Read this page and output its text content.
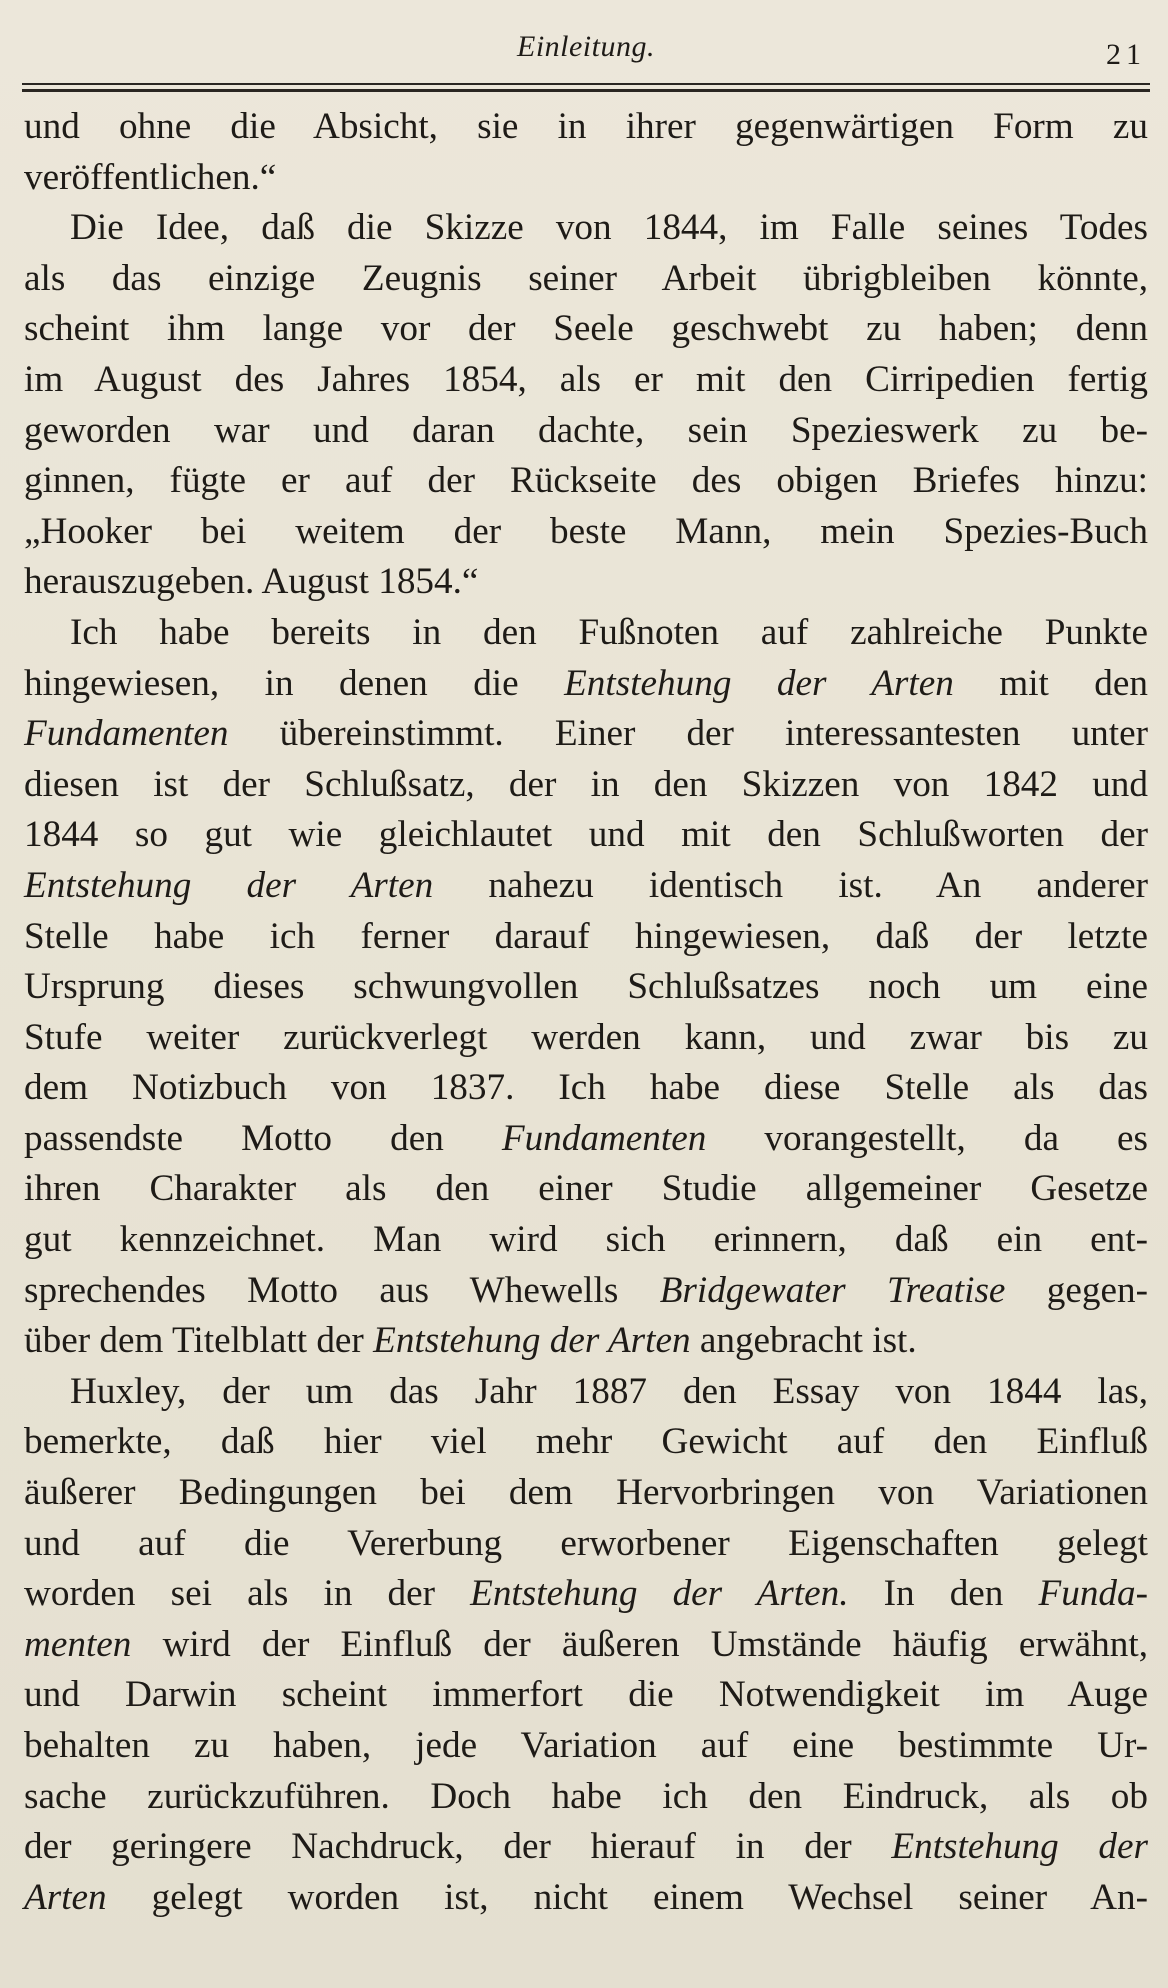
Einleitung.	21
und ohne die Absicht, sie in ihrer gegenwärtigen Form zu
veröffentlichen.“
Die Idee, daß die Skizze von 1844, im Falle seines Todes
als das einzige Zeugnis seiner Arbeit übrigbleiben könnte,
scheint ihm lange vor der Seele geschwebt zu haben; denn
im August des Jahres 1854, als er mit den Cirripedien fertig
geworden war und daran dachte, sein Spezieswerk zu be-
ginnen, fügte er auf der Rückseite des obigen Briefes hinzu:
„Hooker bei weitem der beste Mann, mein Spezies-Buch
herauszugeben. August 1854.“
Ich habe bereits in den Fußnoten auf zahlreiche Punkte
hingewiesen, in denen die Entstehung der Arten mit den
Fundamenten übereinstimmt. Einer der interessantesten unter
diesen ist der Schlußsatz, der in den Skizzen von 1842 und
1844 so gut wie gleichlautet und mit den Schlußworten der
Entstehung der Arten nahezu identisch ist. An anderer
Stelle habe ich ferner darauf hingewiesen, daß der letzte
Ursprung dieses schwungvollen Schlußsatzes noch um eine
Stufe weiter zurückverlegt werden kann, und zwar bis zu
dem Notizbuch von 1837. Ich habe diese Stelle als das
passendste Motto den Fundamenten vorangestellt, da es
ihren Charakter als den einer Studie allgemeiner Gesetze
gut kennzeichnet. Man wird sich erinnern, daß ein ent-
sprechendes Motto aus Whewells Bridgewater Treatise gegen-
über dem Titelblatt der Entstehung der Arten angebracht ist.
Huxley, der um das Jahr 1887 den Essay von 1844 las,
bemerkte, daß hier viel mehr Gewicht auf den Einfluß
äußerer Bedingungen bei dem Hervorbringen von Variationen
und auf die Vererbung erworbener Eigenschaften gelegt
worden sei als in der Entstehung der Arten. In den Funda-
menten wird der Einfluß der äußeren Umstände häufig erwähnt,
und Darwin scheint immerfort die Notwendigkeit im Auge
behalten zu haben, jede Variation auf eine bestimmte Ur-
sache zurückzuführen. Doch habe ich den Eindruck, als ob
der geringere Nachdruck, der hierauf in der Entstehung der
Arten gelegt worden ist, nicht einem Wechsel seiner An-
